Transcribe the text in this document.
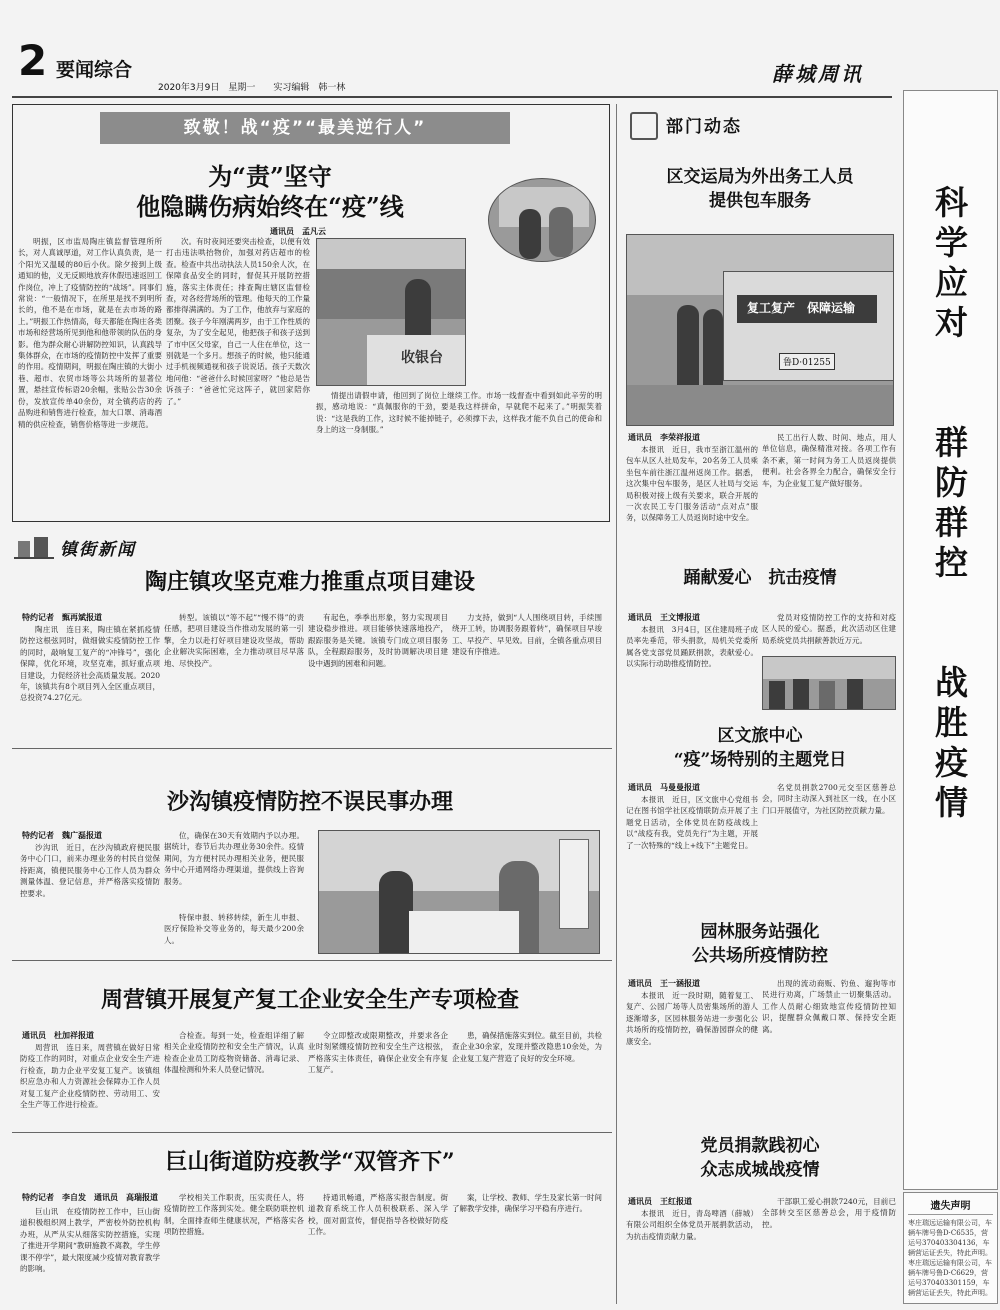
2 要闻综合
2020年3月9日　星期一　　实习编辑　韩一林
薛城周讯
科
学
应
对
群
防
群
控
战
胜
疫
情
遗失声明
枣庄瑞远运输有限公司，车辆车牌号鲁D·C6535，营运号370403304136，车辆营运证丢失，特此声明。　枣庄瑞远运输有限公司，车辆车牌号鲁D·C6629，营运号370403301159，车辆营运证丢失，特此声明。
致敬！战“疫”“最美逆行人”
为“责”坚守
他隐瞒伤病始终在“疫”线
通讯员　孟凡云
收银台
明振，区市监局陶庄镇监督管理所所长，对人真诚厚道，对工作认真负责，是一个阳光又温暖的80后小伙。除夕接到上级通知的他，义无反顾地放弃休假迅速返回工作岗位，冲上了疫情防控的“战场”。同事们常说：“一般情况下，在所里是找不到明所长的，他不是在市场，就是在去市场的路上。”明振工作热情高，每天都能在陶庄各类市场和经营场所见到他和他带领的队伍的身影。他为群众耐心讲解防控知识，认真践导集体群众，在市场的疫情防控中发挥了重要的作用。疫情期间，明振在陶庄镇的大街小巷、超市、农贸市场等公共场所的显著位置，悬挂宣传标语20余幅，张贴公告30余份，发放宣传单40余份，对全镇药店的药品购进和销售进行检查，加大口罩、消毒酒精的供应检查，销售价格等进一步规范。
次。有时夜间还要突击检查，以便有效打击违法哄抬物价，加强对药店超市的检查。检查中共出动执法人员150余人次，在保障食品安全的同时，督促其开展防控措施，落实主体责任；排查陶庄辖区监督检查，对各经营场所的管理。他每天的工作量都排得满满的。为了工作，他放弃与家庭的团聚。孩子今年刚满两岁，由于工作性质的复杂，为了安全起见，他把孩子和孩子送到了市中区父母家，自己一人住在单位，这一别就是一个多月。想孩子的时候，他只能通过手机视频通视和孩子说说话。孩子天数次地问他：“爸爸什么时候回家呀？”他总是告诉孩子：“爸爸忙完这阵子，就回家陪你了。”
情提出请假申请，他回到了岗位上继续工作。市场一线督查中看到如此辛劳的明振，感动地说：“真佩服你的干劲，要是我这样拼命，早就爬不起来了。”明振笑着说：“这是我的工作，这时候不能掉链子，必须撑下去，这样我才能不负自己的使命和身上的这一身制服。”
部门动态
区交运局为外出务工人员
提供包车服务
复工复产　保障运输
鲁D·01255
通讯员　李荣祥报道
本报讯　近日，我市至浙江温州的包车从区人社局发车，20名务工人员乘坐包车前往浙江温州返岗工作。据悉，这次集中包车服务，是区人社局与交运局积极对接上级有关要求，联合开展的一次农民工专门服务活动“点对点”服务，以保障务工人员返岗时途中安全。
民工出行人数、时间、地点，用人单位信息，确保精准对接。各项工作有条不紊，第一时间为务工人员返岗提供便利。社会各界全力配合，确保安全行车，为企业复工复产做好服务。
踊献爱心　抗击疫情
通讯员　王文博报道
本报讯　3月4日，区住建局班子成员率先垂范，带头捐款，局机关党委所属各党支部党员踊跃捐款，表献爱心。以实际行动助推疫情防控。
党员对疫情防控工作的支持和对疫区人民的爱心。据悉，此次活动区住建局系统党员共捐献善款近万元。
区文旅中心
“疫”场特别的主题党日
通讯员　马曼曼报道
本报讯　近日，区文旅中心党组书记在图书馆学社区疫情联防点开展了主题党日活动，全体党员在防疫战线上以“战疫有我，党员先行”为主题，开展了一次特殊的“线上+线下”主题党日。
名党员捐款2700元交至区慈善总会，同时主动深入到社区一线，在小区门口开展值守，为社区防控贡献力量。
园林服务站强化
公共场所疫情防控
通讯员　王一涵报道
本报讯　近一段时期，随着复工、复产、公园广场等人员密集场所的游人逐渐增多，区园林服务站进一步强化公共场所的疫情防控，确保游园群众的健康安全。
出现的流动商贩、钓鱼、遛狗等市民进行劝离，广场禁止一切聚集活动。工作人员耐心细致地宣传疫情防控知识，提醒群众佩戴口罩、保持安全距离。
党员捐款践初心
众志成城战疫情
通讯员　王红报道
本报讯　近日，青岛啤酒（薛城）有限公司组织全体党员开展捐款活动，为抗击疫情贡献力量。
干部职工爱心捐款7240元，目前已全部转交至区慈善总会，用于疫情防控。
镇街新闻
陶庄镇攻坚克难力推重点项目建设
特约记者　甄再斌报道
陶庄讯　连日来，陶庄镇在紧抓疫情防控这根弦同时，做细做实疫情防控工作的同时，敲响复工复产的“冲锋号”，强化保障，优化环境，攻坚克难，抓好重点项目建设，力促经济社会高质量发展。2020年，该镇共有8个项目列入全区重点项目，总投资74.27亿元。
转型。该镇以“等不起”“慢不得”的责任感，把项目建设当作推动发展的第一引擎，全力以赴打好项目建设攻坚战，帮助企业解决实际困难，全力推动项目尽早落地、尽快投产。
有起色，季季出形象，努力实现项目建设稳步推进。项目能够快速落地投产，跟踪服务是关键。该镇专门成立项目服务队，全程跟踪服务，及时协调解决项目建设中遇到的困难和问题。
力支持，做到“人人围绕项目转，手续围绕开工转，协调服务跟着转”，确保项目早竣工、早投产、早见效。目前，全镇各重点项目建设有序推进。
沙沟镇疫情防控不误民事办理
特约记者　魏广磊报道
沙沟讯　近日，在沙沟镇政府便民服务中心门口，前来办理业务的村民自觉保持距离，镇便民服务中心工作人员为群众测量体温、登记信息，并严格落实疫情防控要求。
位，确保在30天有效期内予以办理。据统计，春节后共办理业务30余件。疫情期间，为方便村民办理相关业务，便民服务中心开通网络办理渠道，提供线上咨询服务。
特保申报、转移转续，新生儿申报、医疗保险补交等业务的，每天最少200余人。
周营镇开展复产复工企业安全生产专项检查
通讯员　杜加祥报道
周营讯　连日来，周营镇在做好日常防疫工作的同时，对重点企业安全生产进行检查，助力企业平安复工复产。该镇组织应急办和人力资源社会保障办工作人员对复工复产企业疫情防控、劳动用工、安全生产等工作进行检查。
合检查。每到一处，检查组详细了解相关企业疫情防控和安全生产情况，认真检查企业员工防疫物资储备、消毒记录、体温检测和外来人员登记情况。
令立即整改或限期整改，并要求各企业时刻紧绷疫情防控和安全生产这根弦，严格落实主体责任，确保企业安全有序复工复产。
患，确保措施落实到位。截至目前，共检查企业30余家，发现并整改隐患10余处，为企业复工复产营造了良好的安全环境。
巨山街道防疫教学“双管齐下”
特约记者　李自发　通讯员　高瑞报道
巨山讯　在疫情防控工作中，巨山街道积极组织网上教学，严密校外防控机构办班，从严从实从细落实防控措施，实现了推进开学期间“教研施教不离教，学生停课不停学”，最大限度减少疫情对教育教学的影响。
学校相关工作职责，压实责任人，将疫情防控工作落到实处。健全联防联控机制，全面排查师生健康状况，严格落实各项防控措施。
持通讯畅通，严格落实报告制度。街道教育系统工作人员积极联系、深入学校，面对面宣传，督促指导各校做好防疫工作。
案，让学校、教师、学生及家长第一时间了解教学安排，确保学习平稳有序进行。
